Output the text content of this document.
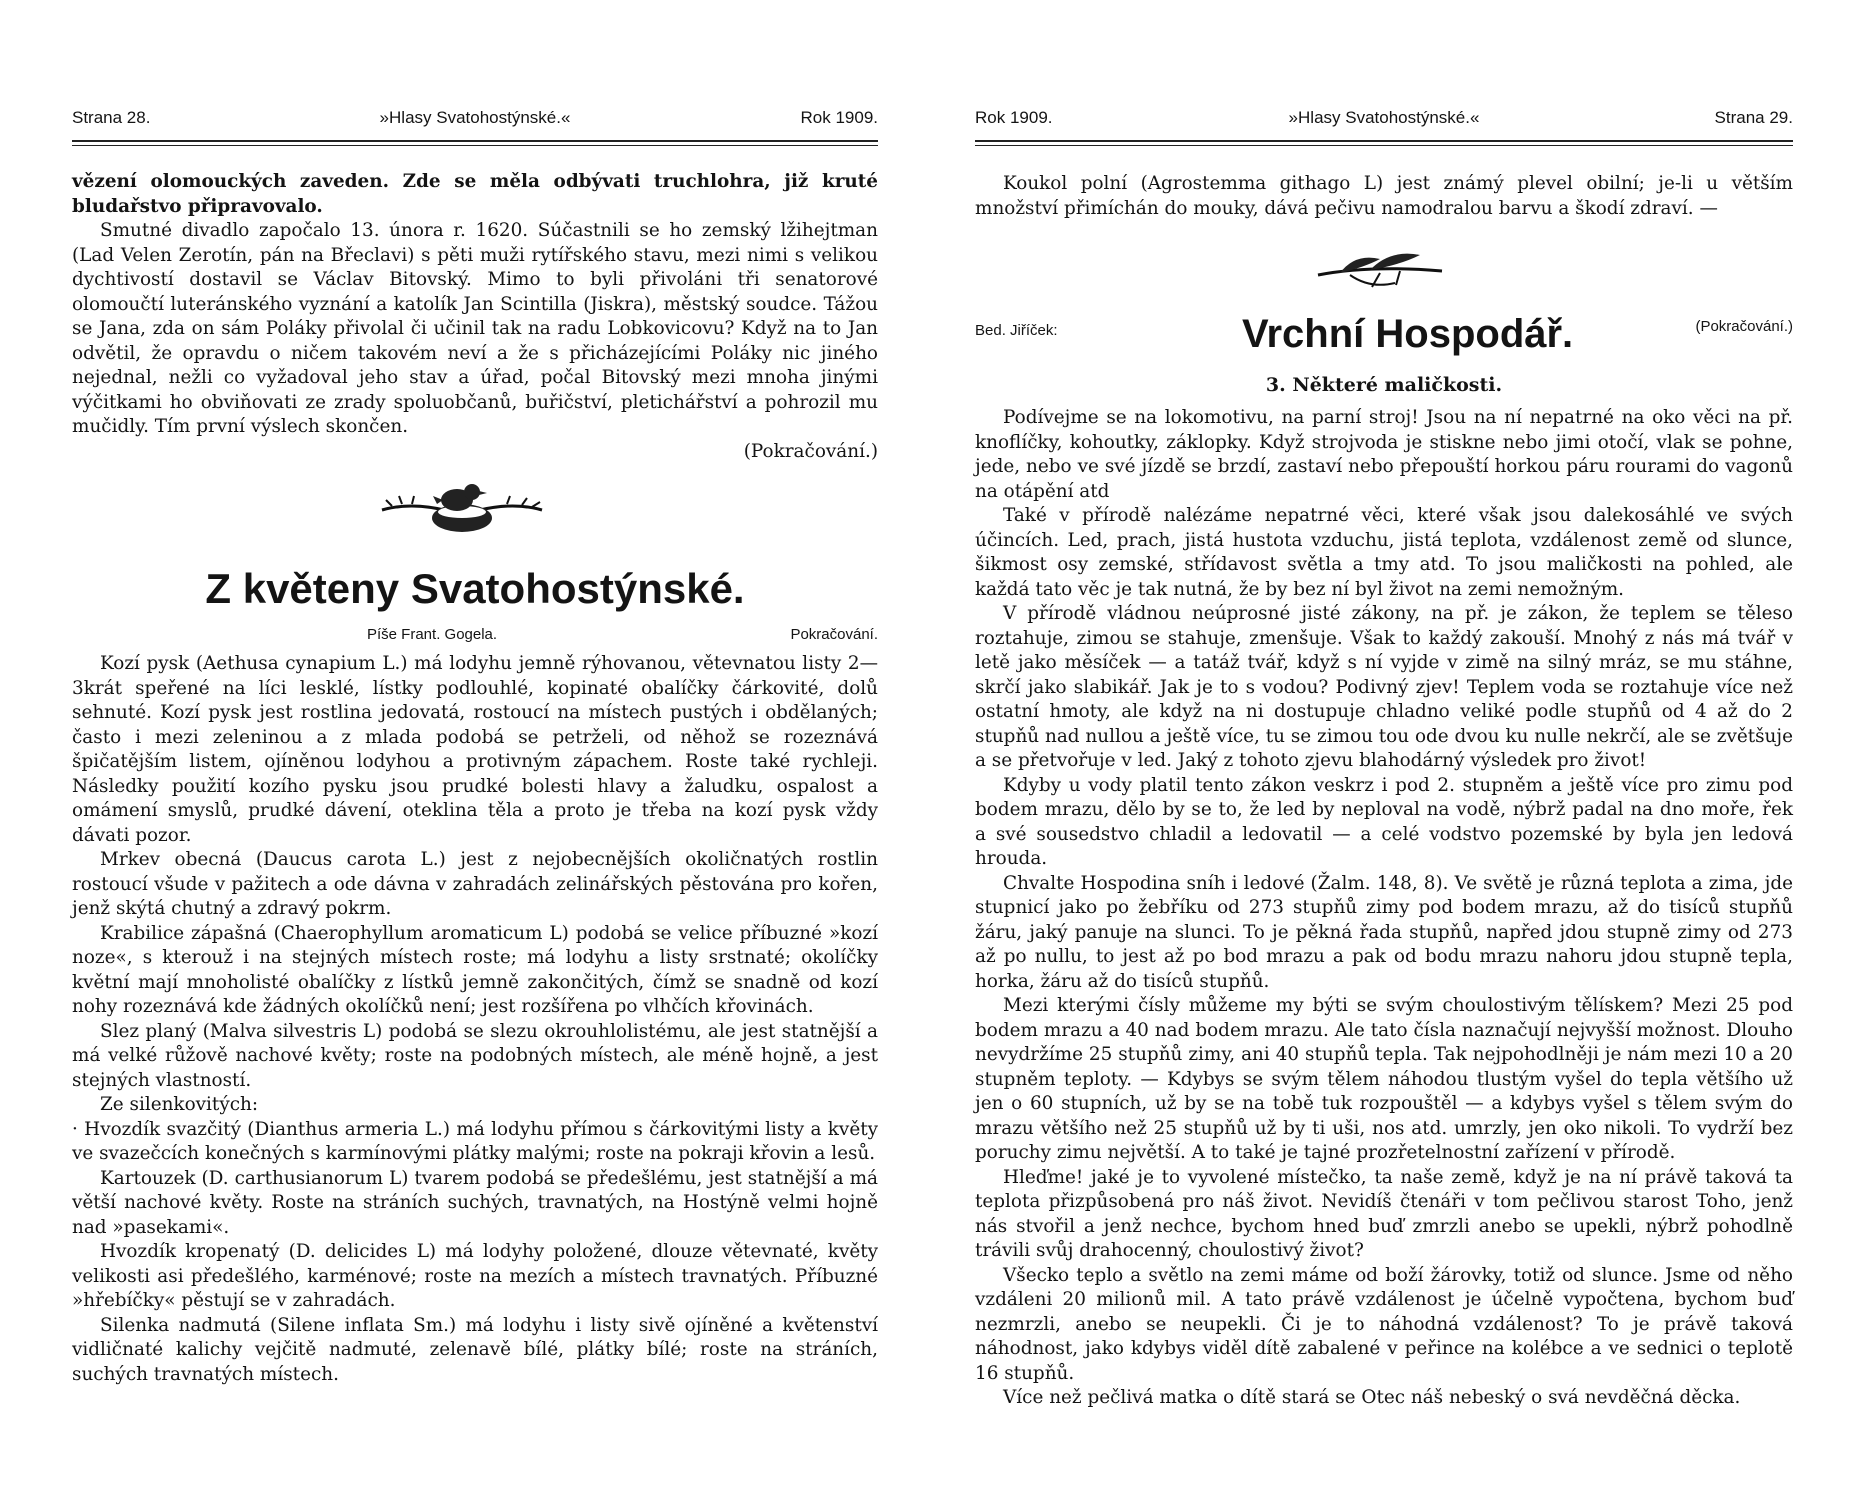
Strana 28.	»Hlasy Svatohostýnské.«	Rok 1909.

vězení olomouckých zaveden. Zde se měla odbývati truchlohra, již kruté bludařstvo připravovalo.

Smutné divadlo započalo 13. února r. 1620. Súčastnili se ho zemský lžihejtman (Lad Velen Zerotín, pán na Břeclavi) s pěti muži rytířského stavu, mezi nimi s velikou dychtivostí dostavil se Václav Bitovský. Mimo to byli přivoláni tři senatorové olomoučtí luteránského vyznání a katolík Jan Scintilla (Jiskra), městský soudce. Tážou se Jana, zda on sám Poláky přivolal či učinil tak na radu Lobkovicovu? Když na to Jan odvětil, že opravdu o ničem takovém neví a že s přicházejícími Poláky nic jiného nejednal, nežli co vyžadoval jeho stav a úřad, počal Bitovský mezi mnoha jinými výčitkami ho obviňovati ze zrady spoluobčanů, buřičství, pletichářství a pohrozil mu mučidly. Tím první výslech skončen.

(Pokračování.)

Z květeny Svatohostýnské.
Píše Frant. Gogela.	Pokračování.

Kozí pysk (Aethusa cynapium L.) má lodyhu jemně rýhovanou, větevnatou listy 2—3krát speřené na líci lesklé, lístky podlouhlé, kopinaté obalíčky čárkovité, dolů sehnuté. Kozí pysk jest rostlina jedovatá, rostoucí na místech pustých i obdělaných; často i mezi zeleninou a z mlada podobá se petrželi, od něhož se rozeznává špičatějším listem, ojíněnou lodyhou a protivným zápachem. Roste také rychleji. Následky použití kozího pysku jsou prudké bolesti hlavy a žaludku, ospalost a omámení smyslů, prudké dávení, oteklina těla a proto je třeba na kozí pysk vždy dávati pozor.

Mrkev obecná (Daucus carota L.) jest z nejobecnějších okoličnatých rostlin rostoucí všude v pažitech a ode dávna v zahradách zelinářských pěstována pro kořen, jenž skýtá chutný a zdravý pokrm.

Krabilice zápašná (Chaerophyllum aromaticum L) podobá se velice příbuzné »kozí noze«, s kterouž i na stejných místech roste; má lodyhu a listy srstnaté; okolíčky květní mají mnoholisté obalíčky z lístků jemně zakončitých, čímž se snadně od kozí nohy rozeznává kde žádných okolíčků není; jest rozšířena po vlhčích křovinách.

Slez planý (Malva silvestris L) podobá se slezu okrouhlolistému, ale jest statnější a má velké růžově nachové květy; roste na podobných místech, ale méně hojně, a jest stejných vlastností.

Ze silenkovitých:

· Hvozdík svazčitý (Dianthus armeria L.) má lodyhu přímou s čárkovitými listy a květy ve svazečcích konečných s karmínovými plátky malými; roste na pokraji křovin a lesů.

Kartouzek (D. carthusianorum L) tvarem podobá se předešlému, jest statnější a má větší nachové květy. Roste na stráních suchých, travnatých, na Hostýně velmi hojně nad »pasekami«.

Hvozdík kropenatý (D. delicides L) má lodyhy položené, dlouze větevnaté, květy velikosti asi předešlého, karménové; roste na mezích a místech travnatých. Příbuzné »hřebíčky« pěstují se v zahradách.

Silenka nadmutá (Silene inflata Sm.) má lodyhu i listy sivě ojíněné a květenství vidličnaté kalichy vejčitě nadmuté, zelenavě bílé, plátky bílé; roste na stráních, suchých travnatých místech.

Rok 1909.	»Hlasy Svatohostýnské.«	Strana 29.

Koukol polní (Agrostemma githago L) jest známý plevel obilní; je-li u větším množství přimíchán do mouky, dává pečivu namodralou barvu a škodí zdraví. —

Bed. Jiříček:	Vrchní Hospodář.	(Pokračování.)
3. Některé maličkosti.

Podívejme se na lokomotivu, na parní stroj! Jsou na ní nepatrné na oko věci na př. knoflíčky, kohoutky, záklopky. Když strojvoda je stiskne nebo jimi otočí, vlak se pohne, jede, nebo ve své jízdě se brzdí, zastaví nebo přepouští horkou páru rourami do vagonů na otápění atd

Také v přírodě nalézáme nepatrné věci, které však jsou dalekosáhlé ve svých účincích. Led, prach, jistá hustota vzduchu, jistá teplota, vzdálenost země od slunce, šikmost osy zemské, střídavost světla a tmy atd. To jsou maličkosti na pohled, ale každá tato věc je tak nutná, že by bez ní byl život na zemi nemožným.

V přírodě vládnou neúprosné jisté zákony, na př. je zákon, že teplem se těleso roztahuje, zimou se stahuje, zmenšuje. Však to každý zakouší. Mnohý z nás má tvář v letě jako měsíček — a tatáž tvář, když s ní vyjde v zimě na silný mráz, se mu stáhne, skrčí jako slabikář. Jak je to s vodou? Podivný zjev! Teplem voda se roztahuje více než ostatní hmoty, ale když na ni dostupuje chladno veliké podle stupňů od 4 až do 2 stupňů nad nullou a ještě více, tu se zimou tou ode dvou ku nulle nekrčí, ale se zvětšuje a se přetvořuje v led. Jaký z tohoto zjevu blahodárný výsledek pro život!

Kdyby u vody platil tento zákon veskrz i pod 2. stupněm a ještě více pro zimu pod bodem mrazu, dělo by se to, že led by neploval na vodě, nýbrž padal na dno moře, řek a své sousedstvo chladil a ledovatil — a celé vodstvo pozemské by byla jen ledová hrouda.

Chvalte Hospodina sníh i ledové (Žalm. 148, 8). Ve světě je různá teplota a zima, jde stupnicí jako po žebříku od 273 stupňů zimy pod bodem mrazu, až do tisíců stupňů žáru, jaký panuje na slunci. To je pěkná řada stupňů, napřed jdou stupně zimy od 273 až po nullu, to jest až po bod mrazu a pak od bodu mrazu nahoru jdou stupně tepla, horka, žáru až do tisíců stupňů.

Mezi kterými čísly můžeme my býti se svým choulostivým tělískem? Mezi 25 pod bodem mrazu a 40 nad bodem mrazu. Ale tato čísla naznačují nejvyšší možnost. Dlouho nevydržíme 25 stupňů zimy, ani 40 stupňů tepla. Tak nejpohodlněji je nám mezi 10 a 20 stupněm teploty. — Kdybys se svým tělem náhodou tlustým vyšel do tepla většího už jen o 60 stupních, už by se na tobě tuk rozpouštěl — a kdybys vyšel s tělem svým do mrazu většího než 25 stupňů už by ti uši, nos atd. umrzly, jen oko nikoli. To vydrží bez poruchy zimu největší. A to také je tajné prozřetelnostní zařízení v přírodě.

Hleďme! jaké je to vyvolené místečko, ta naše země, když je na ní právě taková ta teplota přizpůsobená pro náš život. Nevidíš čtenáři v tom pečlivou starost Toho, jenž nás stvořil a jenž nechce, bychom hned buď zmrzli anebo se upekli, nýbrž pohodlně trávili svůj drahocenný, choulostivý život?

Všecko teplo a světlo na zemi máme od boží žárovky, totiž od slunce. Jsme od něho vzdáleni 20 milionů mil. A tato právě vzdálenost je účelně vypočtena, bychom buď nezmrzli, anebo se neupekli. Či je to náhodná vzdálenost? To je právě taková náhodnost, jako kdybys viděl dítě zabalené v peřince na kolébce a ve sednici o teplotě 16 stupňů.

Více než pečlivá matka o dítě stará se Otec náš nebeský o svá nevděčná děcka.
